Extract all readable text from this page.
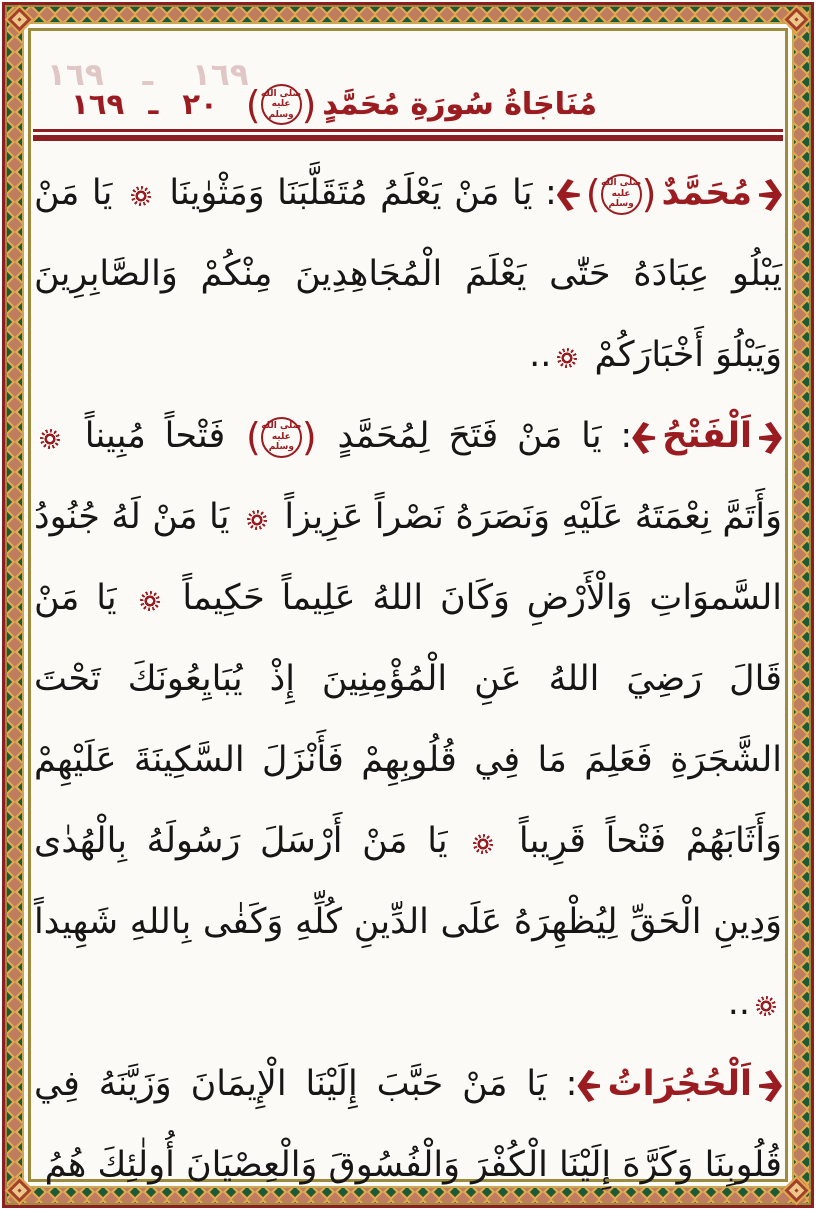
١٦٩ ـ ١٦٩
مُنَاجَاةُ سُورَةِ مُحَمَّدٍ
(
صلى الله
عليه
وسلم
)
٢٠ ـ ١٦٩
مُحَمَّدٌ
(
صلى الله
عليه
وسلم
)
: يَا مَنْ يَعْلَمُ مُتَقَلَّبَنَا وَمَثْوٰينَا  يَا مَنْ يَبْلُو عِبَادَهُ حَتّٰى يَعْلَمَ الْمُجَاهِدِينَ مِنْكُمْ وَالصَّابِرِينَ وَيَبْلُوَ أَخْبَارَكُمْ ..
اَلْفَتْحُ: يَا مَنْ فَتَحَ لِمُحَمَّدٍ
(
صلى الله
عليه
وسلم
)
فَتْحاً مُبِيناً  وَأَتَمَّ نِعْمَتَهُ عَلَيْهِ وَنَصَرَهُ نَصْراً عَزِيزاً  يَا مَنْ لَهُ جُنُودُ السَّموَاتِ وَالْأَرْضِ وَكَانَ اللهُ عَلِيماً حَكِيماً  يَا مَنْ قَالَ رَضِيَ اللهُ عَنِ الْمُؤْمِنِينَ إِذْ يُبَايِعُونَكَ تَحْتَ الشَّجَرَةِ فَعَلِمَ مَا فِي قُلُوبِهِمْ فَأَنْزَلَ السَّكِينَةَ عَلَيْهِمْ وَأَثَابَهُمْ فَتْحاً قَرِيباً  يَا مَنْ أَرْسَلَ رَسُولَهُ بِالْهُدٰى وَدِينِ الْحَقِّ لِيُظْهِرَهُ عَلَى الدِّينِ كُلِّهِ وَكَفٰى بِاللهِ شَهِيداً ..
اَلْحُجُرَاتُ: يَا مَنْ حَبَّبَ إِلَيْنَا الْإِيمَانَ وَزَيَّنَهُ فِي قُلُوبِنَا وَكَرَّهَ إِلَيْنَا الْكُفْرَ وَالْفُسُوقَ وَالْعِصْيَانَ أُولٰئِكَ هُمُ
